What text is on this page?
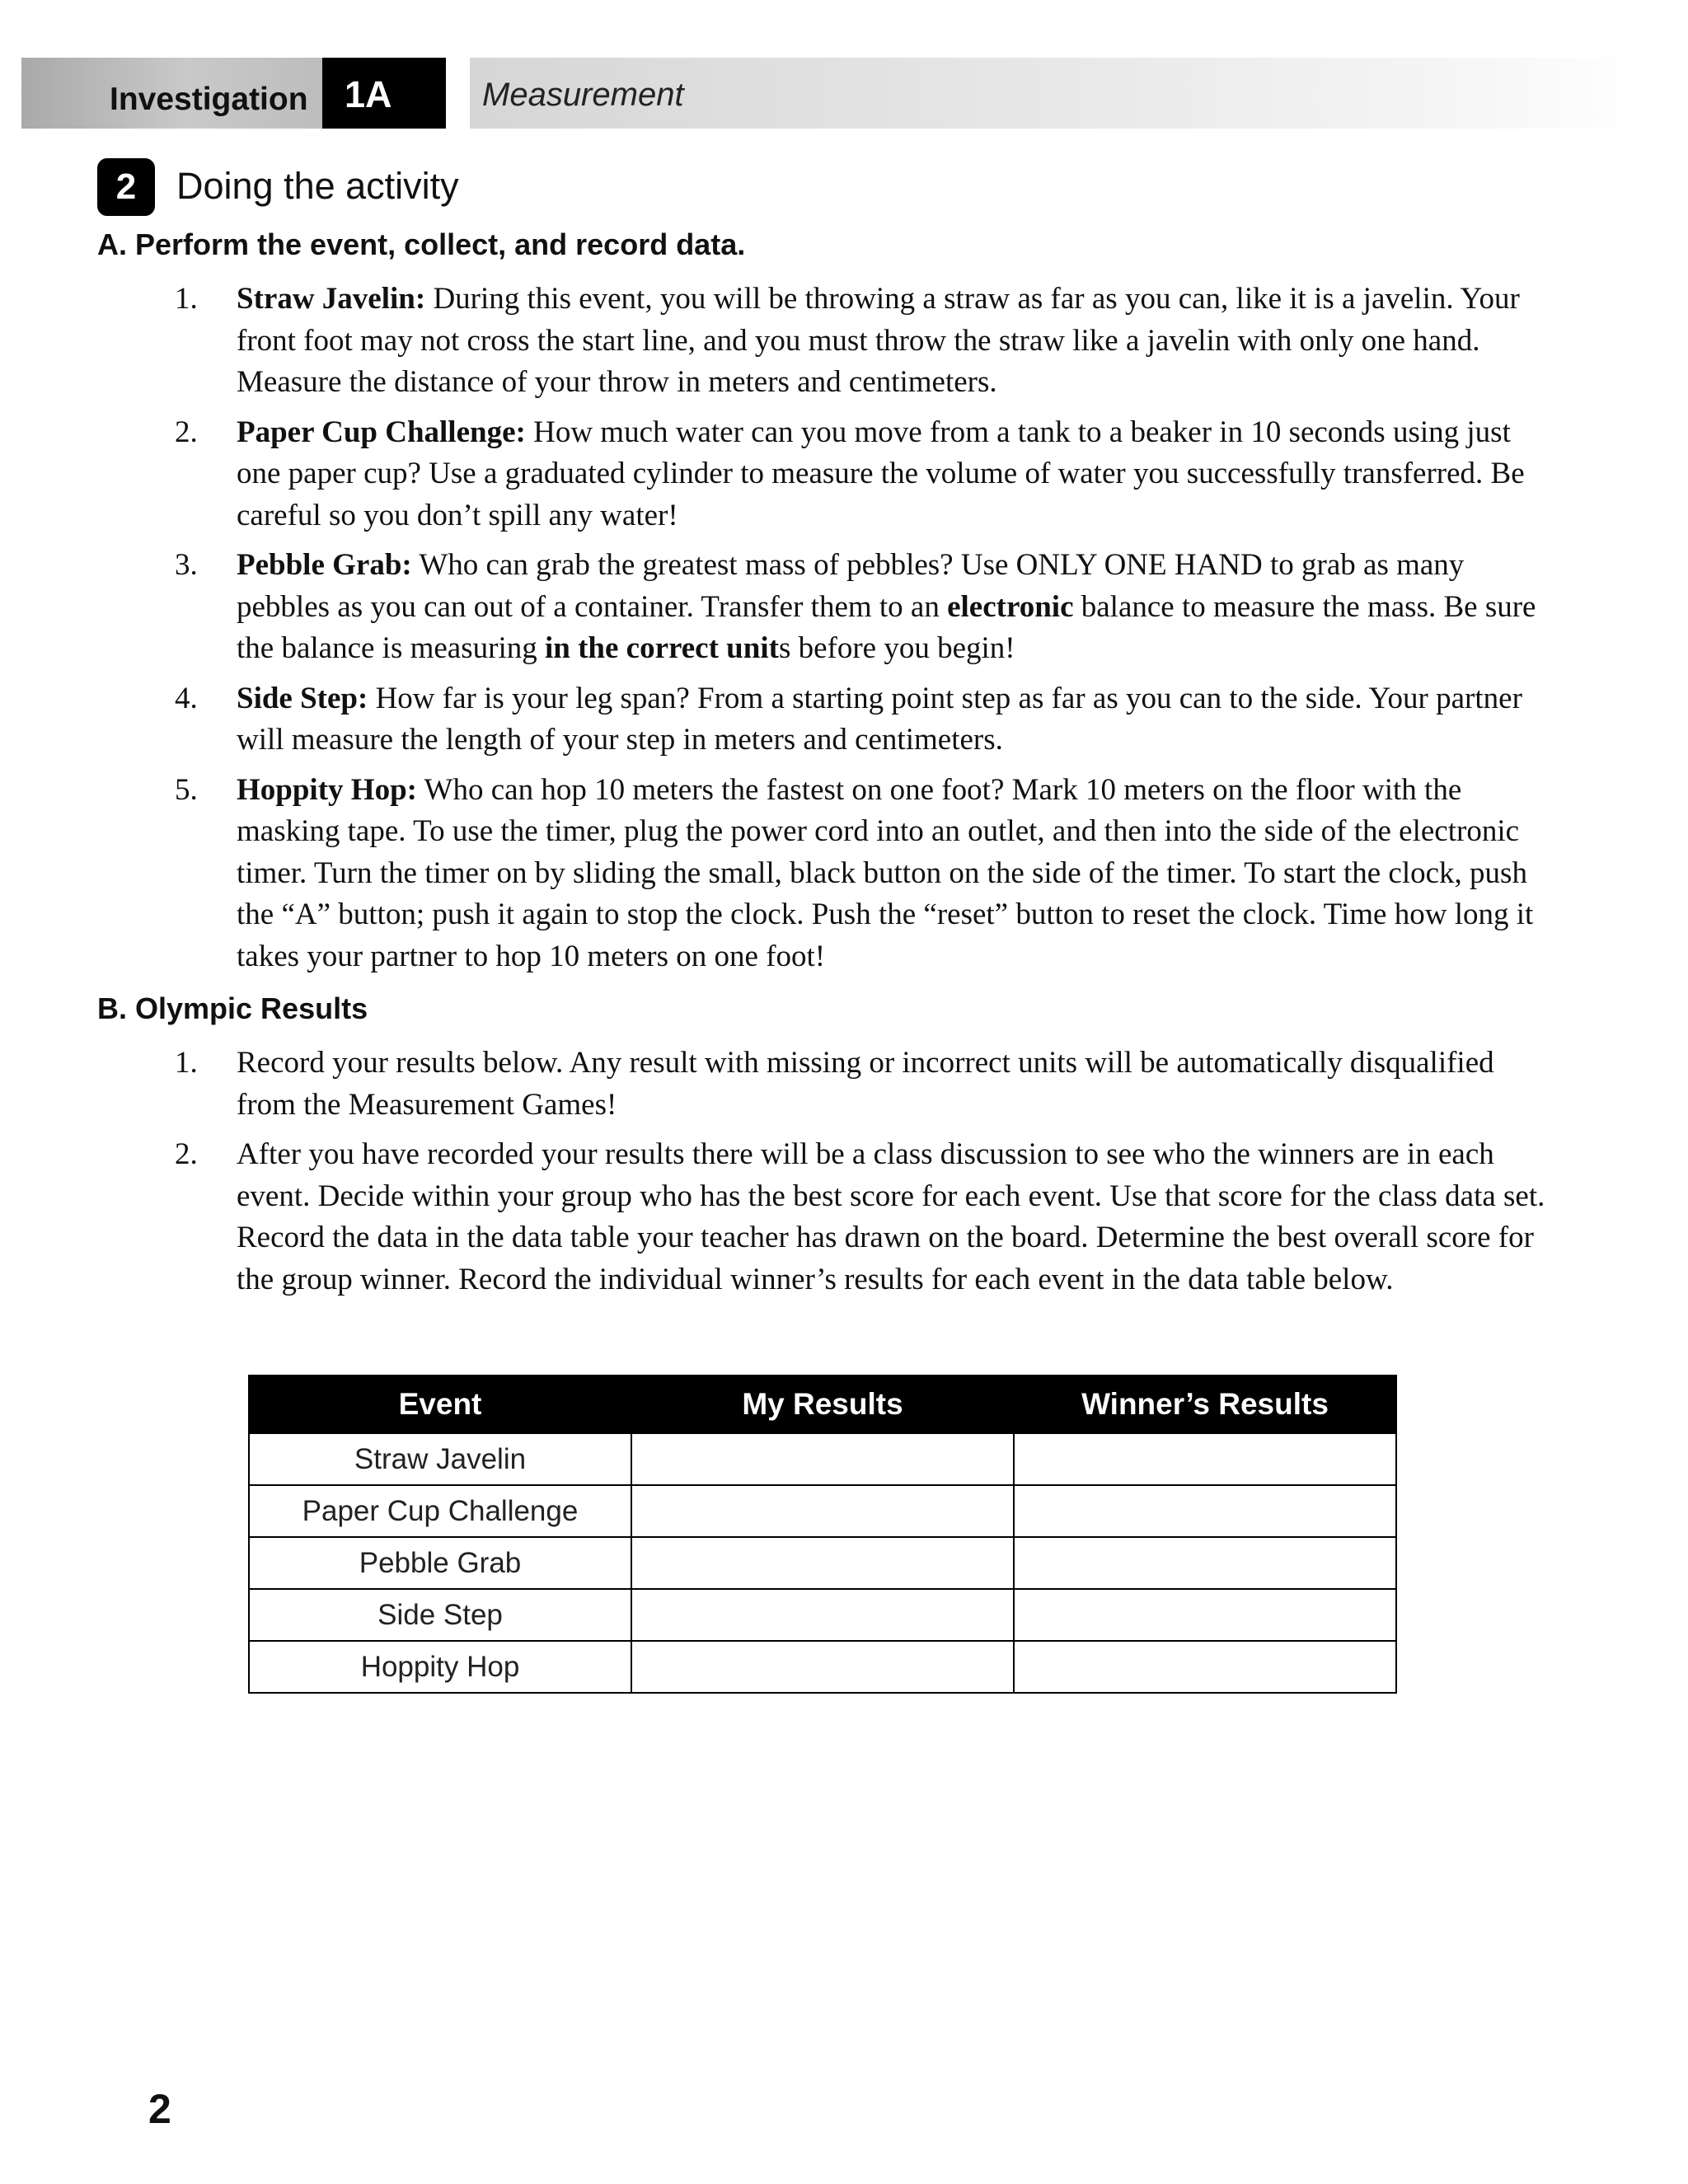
Investigation 1A	Measurement
2	Doing the activity
A. Perform the event, collect, and record data.
1. Straw Javelin: During this event, you will be throwing a straw as far as you can, like it is a javelin. Your front foot may not cross the start line, and you must throw the straw like a javelin with only one hand. Measure the distance of your throw in meters and centimeters.
2. Paper Cup Challenge: How much water can you move from a tank to a beaker in 10 seconds using just one paper cup? Use a graduated cylinder to measure the volume of water you successfully transferred. Be careful so you don’t spill any water!
3. Pebble Grab: Who can grab the greatest mass of pebbles? Use ONLY ONE HAND to grab as many pebbles as you can out of a container. Transfer them to an electronic balance to measure the mass. Be sure the balance is measuring in the correct units before you begin!
4. Side Step: How far is your leg span? From a starting point step as far as you can to the side. Your partner will measure the length of your step in meters and centimeters.
5. Hoppity Hop: Who can hop 10 meters the fastest on one foot? Mark 10 meters on the floor with the masking tape. To use the timer, plug the power cord into an outlet, and then into the side of the electronic timer. Turn the timer on by sliding the small, black button on the side of the timer. To start the clock, push the “A” button; push it again to stop the clock. Push the “reset” button to reset the clock. Time how long it takes your partner to hop 10 meters on one foot!
B. Olympic Results
1. Record your results below. Any result with missing or incorrect units will be automatically disqualified from the Measurement Games!
2. After you have recorded your results there will be a class discussion to see who the winners are in each event. Decide within your group who has the best score for each event. Use that score for the class data set. Record the data in the data table your teacher has drawn on the board. Determine the best overall score for the group winner. Record the individual winner’s results for each event in the data table below.
Event	My Results	Winner’s Results
Straw Javelin		
Paper Cup Challenge		
Pebble Grab		
Side Step		
Hoppity Hop		
2
